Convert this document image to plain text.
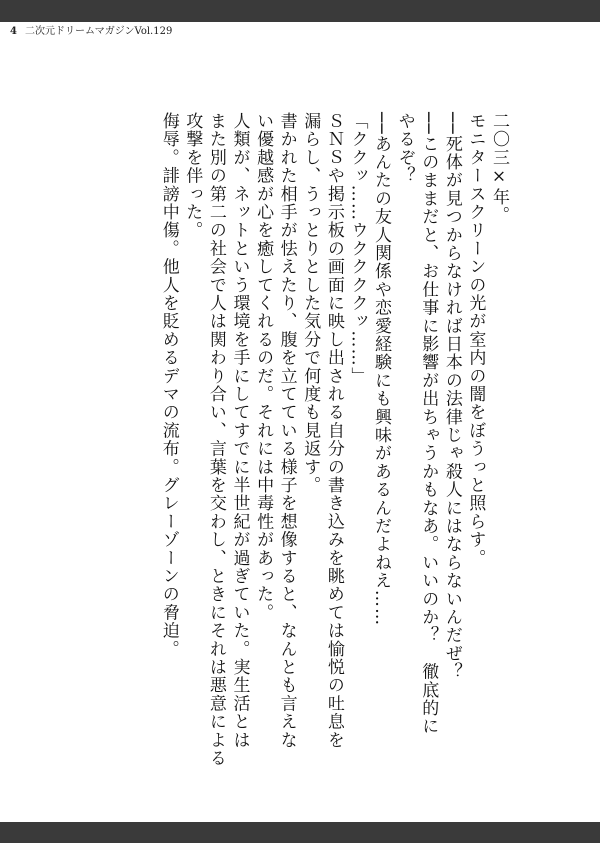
4 二次元ドリームマガジンVol.129

二〇三×年。

モニタースクリーンの光が室内の闇をぼうっと照らす。

──死体が見つからなければ日本の法律じゃ殺人にはならないんだぜ？

──このままだと、お仕事に影響が出ちゃうかもなあ。いいのか？　徹底的に

やるぞ？

──あんたの友人関係や恋愛経験にも興味があるんだよねえ……

「ククッ……ウククククッ……」

ＳＮＳや掲示板の画面に映し出される自分の書き込みを眺めては愉悦の吐息を

漏らし、うっとりとした気分で何度も見返す。

書かれた相手が怯えたり、腹を立てている様子を想像すると、なんとも言えな

い優越感が心を癒してくれるのだ。それには中毒性があった。

人類が、ネットという環境を手にしてすでに半世紀が過ぎていた。実生活とは

また別の第二の社会で人は関わり合い、言葉を交わし、ときにそれは悪意による

攻撃を伴った。

侮辱。誹謗中傷。他人を貶めるデマの流布。グレーゾーンの脅迫。
